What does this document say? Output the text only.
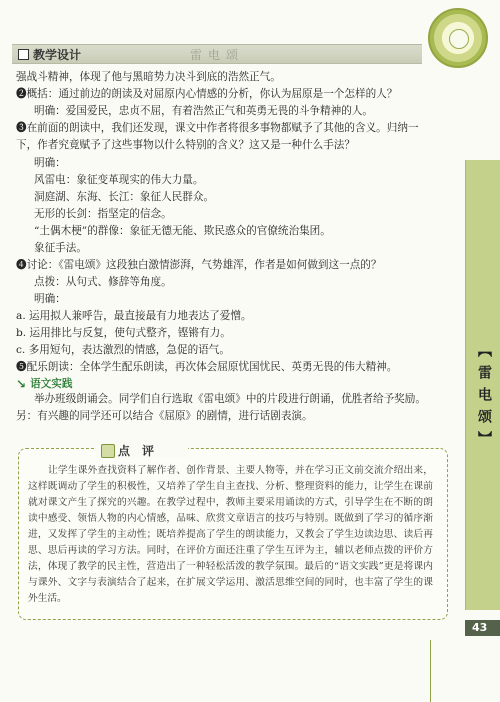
教学设计	雷电颂
强战斗精神，体现了他与黑暗势力决斗到底的浩然正气。
❷概括：通过前边的朗读及对屈原内心情感的分析，你认为屈原是一个怎样的人？
明确：爱国爱民，忠贞不屈，有着浩然正气和英勇无畏的斗争精神的人。
❸在前面的朗读中，我们还发现，课文中作者将很多事物都赋予了其他的含义。归纳一
下，作者究竟赋予了这些事物以什么特别的含义？这又是一种什么手法？
明确：
风雷电：象征变革现实的伟大力量。
洞庭湖、东海、长江：象征人民群众。
无形的长剑：指坚定的信念。
“土偶木梗”的群像：象征无德无能、欺民惑众的官僚统治集团。
象征手法。
❹讨论：《雷电颂》这段独白激情澎湃，气势雄浑，作者是如何做到这一点的？
点拨：从句式、修辞等角度。
明确：
a. 运用拟人兼呼告，最直接最有力地表达了爱憎。
b. 运用排比与反复，使句式整齐，铿锵有力。
c. 多用短句，表达激烈的情感，急促的语气。
❺配乐朗读：全体学生配乐朗读，再次体会屈原忧国忧民、英勇无畏的伟大精神。
↘ 语文实践
举办班级朗诵会。同学们自行选取《雷电颂》中的片段进行朗诵，优胜者给予奖励。
另：有兴趣的同学还可以结合《屈原》的剧情，进行话剧表演。
点评
让学生课外查找资料了解作者、创作背景、主要人物等，并在学习正文前交流介绍出来，这样既调动了学生的积极性，又培养了学生自主查找、分析、整理资料的能力，让学生在课前就对课文产生了探究的兴趣。在教学过程中，教师主要采用诵读的方式，引导学生在不断的朗读中感受、领悟人物的内心情感，品味、欣赏文章语言的技巧与特别。既做到了学习的循序渐进，又发挥了学生的主动性；既培养提高了学生的朗读能力，又教会了学生边读边思、读后再思、思后再读的学习方法。同时，在评价方面还注重了学生互评为主，辅以老师点拨的评价方法，体现了教学的民主性，营造出了一种轻松活泼的教学氛围。最后的“语文实践”更是将课内与课外、文字与表演结合了起来，在扩展文学运用、激活思维空间的同时，也丰富了学生的课外生活。
【雷电颂】
43
